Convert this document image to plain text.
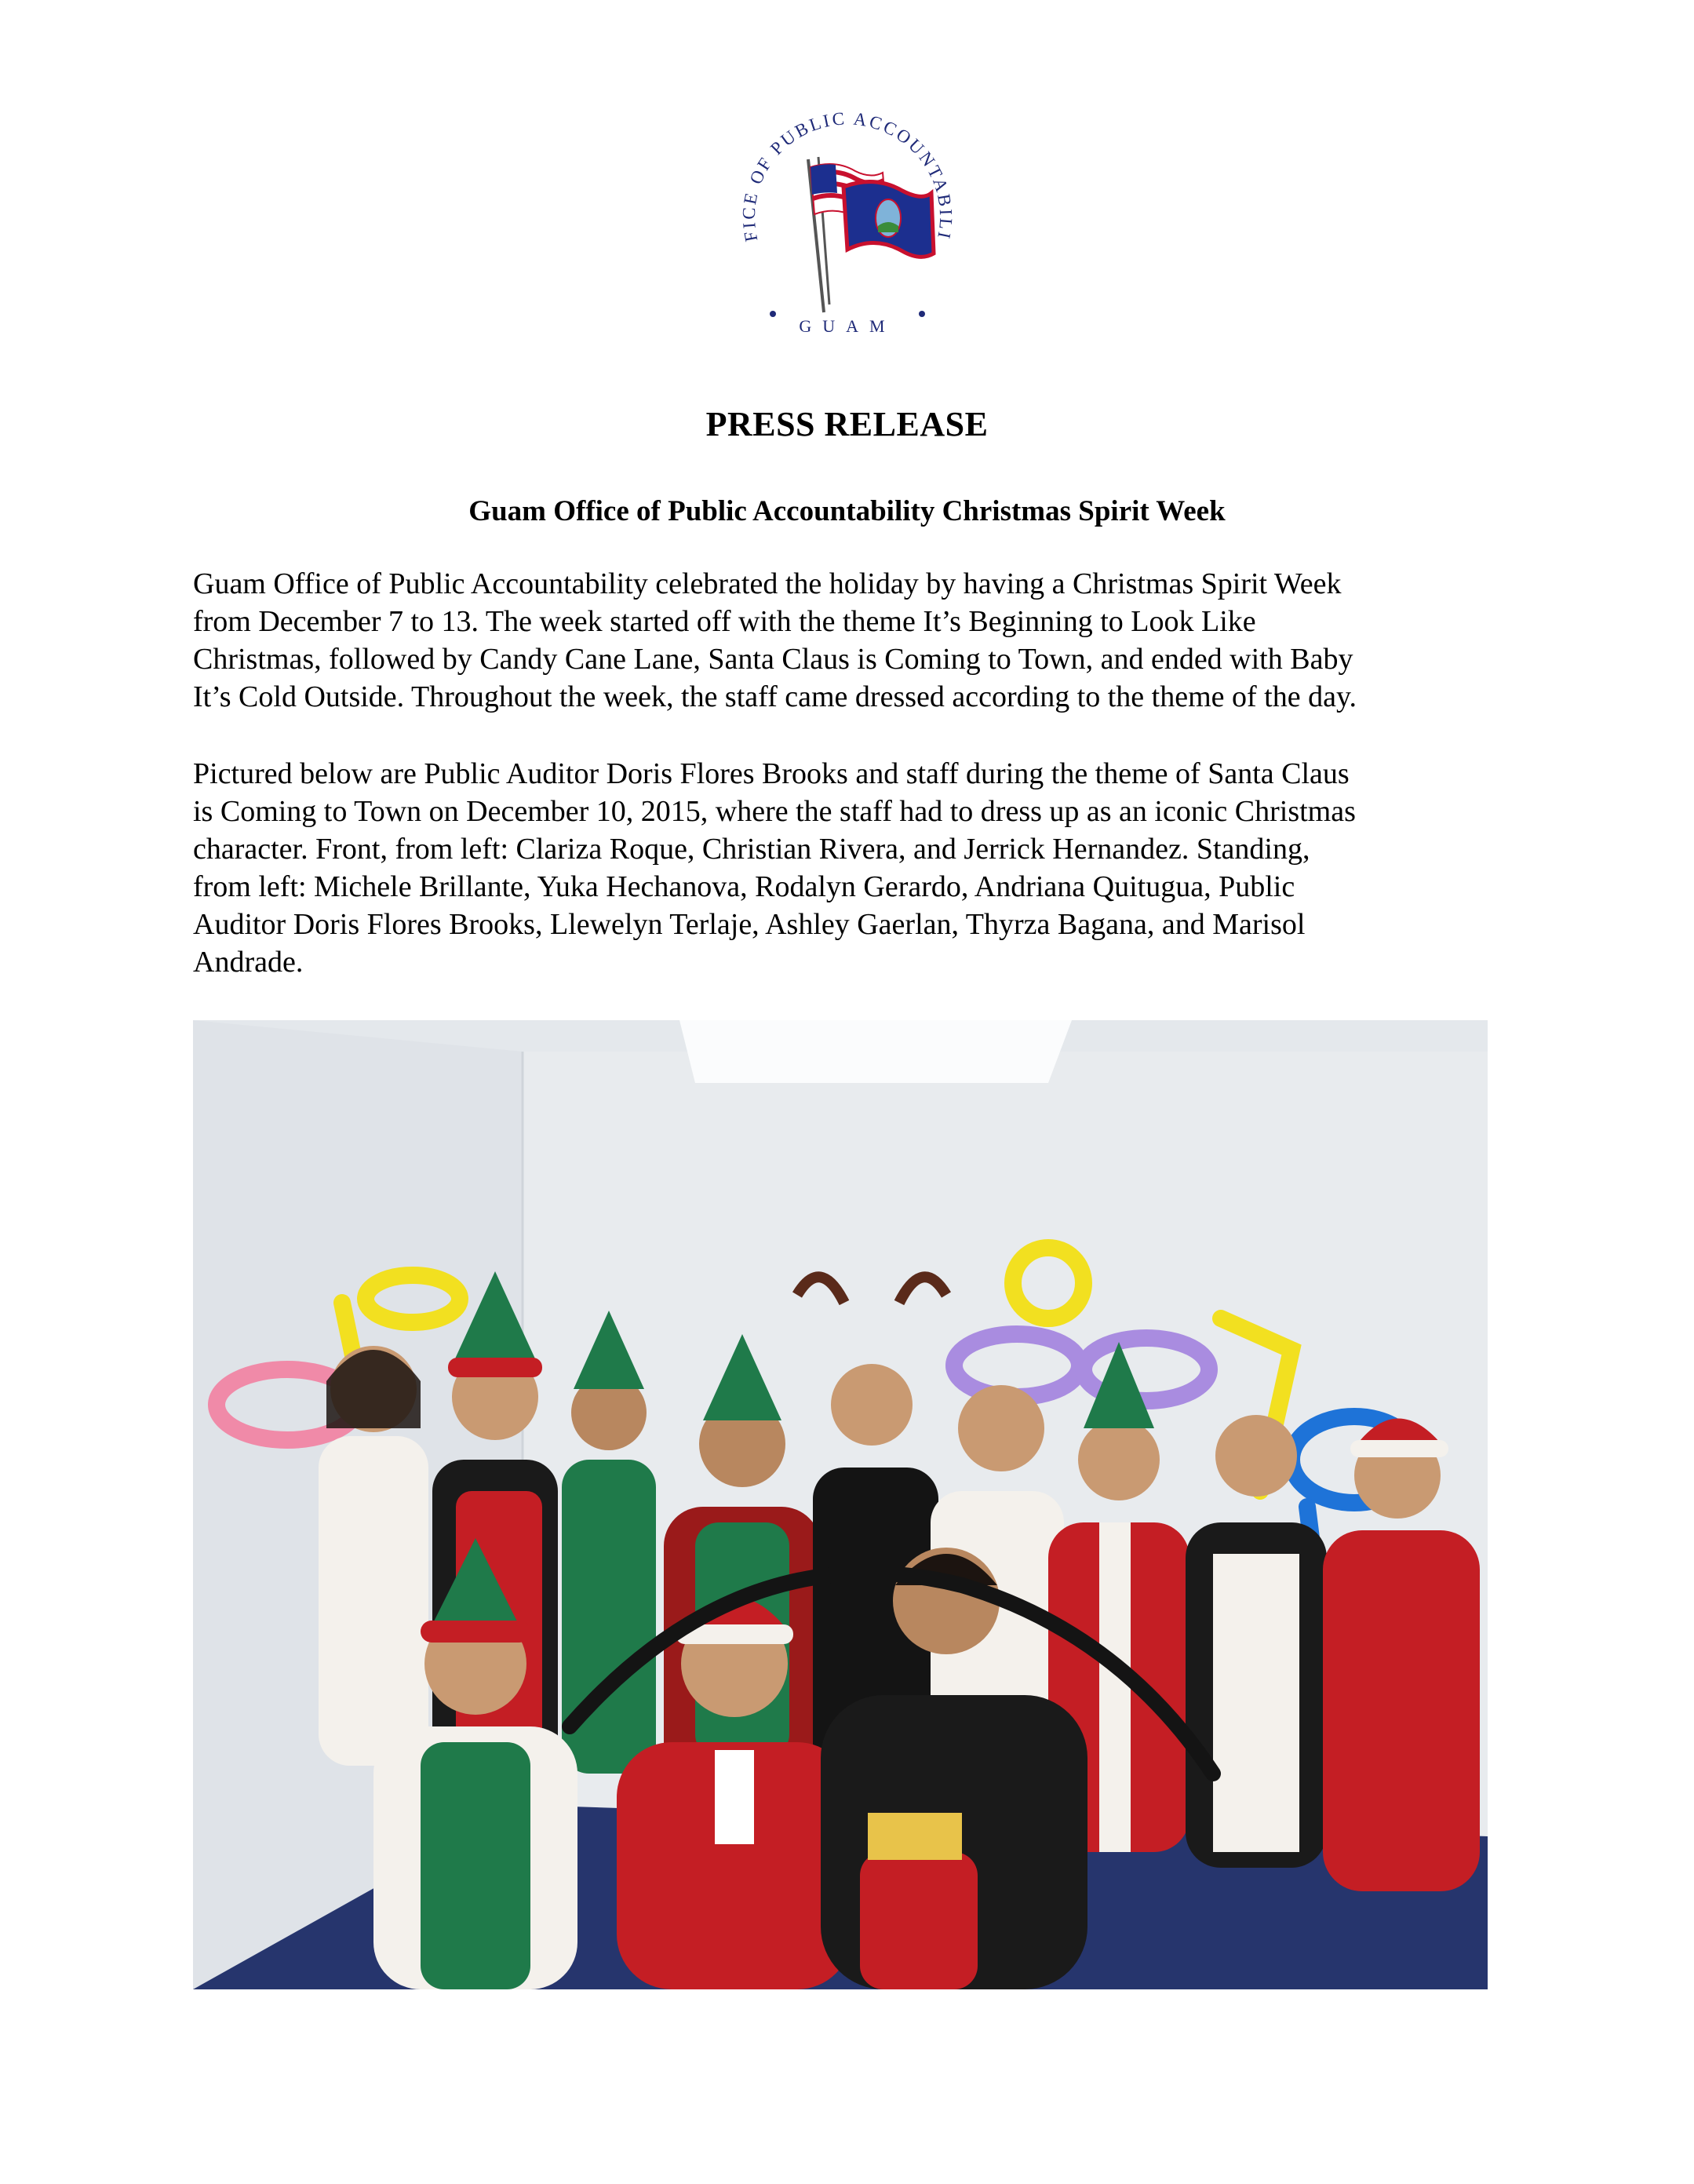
FICE OF PUBLIC ACCOUNTABILI
GUAM
PRESS RELEASE
Guam Office of Public Accountability Christmas Spirit Week

Guam Office of Public Accountability celebrated the holiday by having a Christmas Spirit Week
from December 7 to 13. The week started off with the theme It’s Beginning to Look Like
Christmas, followed by Candy Cane Lane, Santa Claus is Coming to Town, and ended with Baby
It’s Cold Outside. Throughout the week, the staff came dressed according to the theme of the day.

Pictured below are Public Auditor Doris Flores Brooks and staff during the theme of Santa Claus
is Coming to Town on December 10, 2015, where the staff had to dress up as an iconic Christmas
character. Front, from left: Clariza Roque, Christian Rivera, and Jerrick Hernandez. Standing,
from left: Michele Brillante, Yuka Hechanova, Rodalyn Gerardo, Andriana Quitugua, Public
Auditor Doris Flores Brooks, Llewelyn Terlaje, Ashley Gaerlan, Thyrza Bagana, and Marisol
Andrade.
